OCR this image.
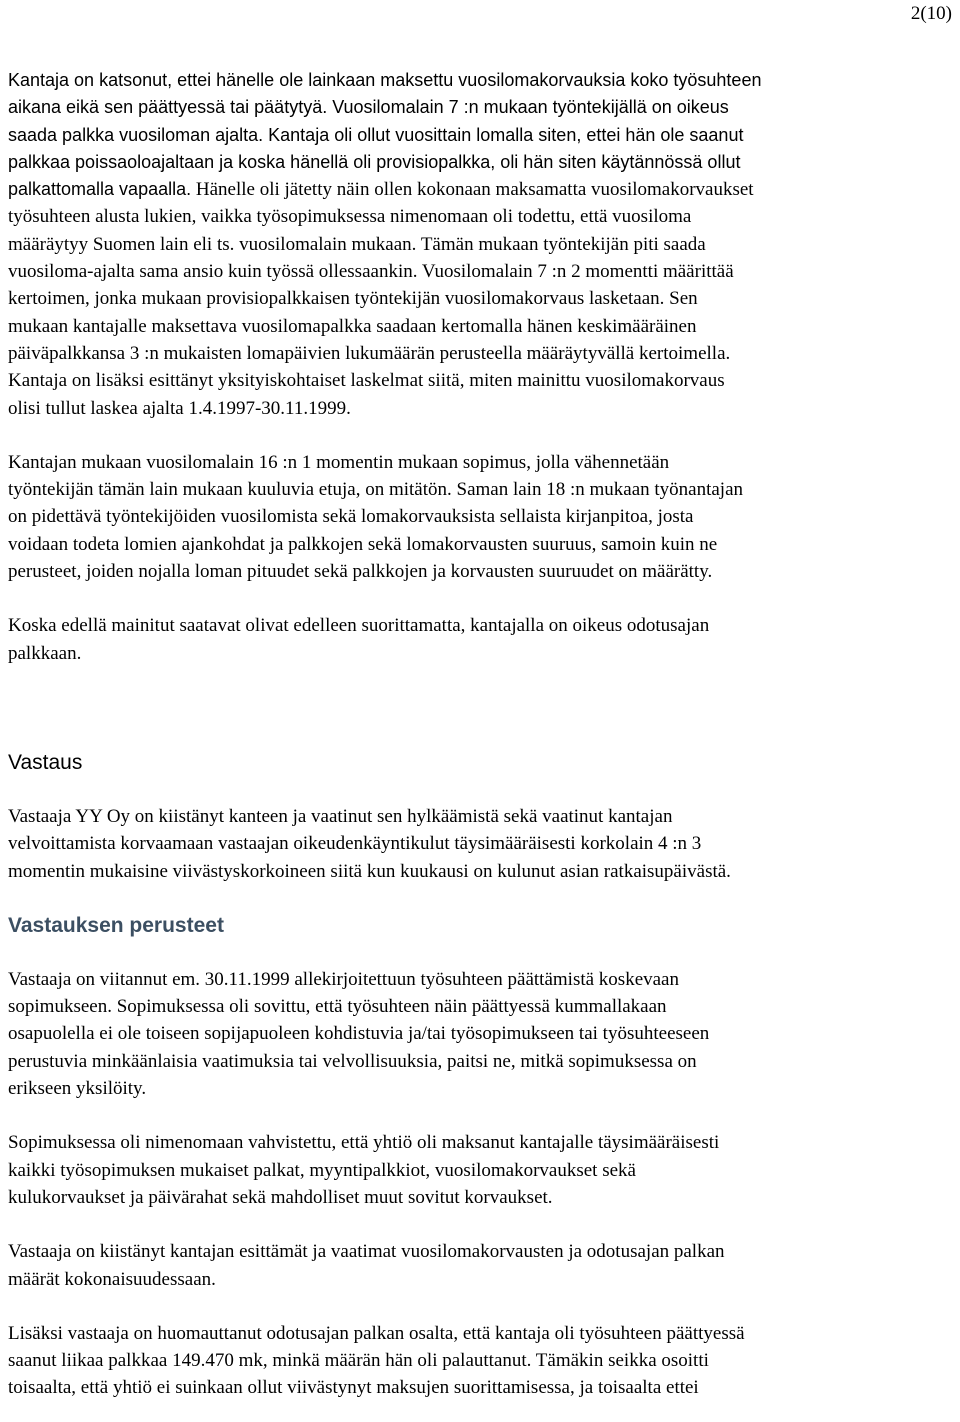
2(10)

Kantaja on katsonut, ettei hänelle ole lainkaan maksettu vuosilomakorvauksia koko työsuhteen
aikana eikä sen päättyessä tai päätytyä. Vuosilomalain 7 :n mukaan työntekijällä on oikeus
saada palkka vuosiloman ajalta. Kantaja oli ollut vuosittain lomalla siten, ettei hän ole saanut
palkkaa poissaoloajaltaan ja koska hänellä oli provisiopalkka, oli hän siten käytännössä ollut
palkattomalla vapaalla. Hänelle oli jätetty näin ollen kokonaan maksamatta vuosilomakorvaukset
työsuhteen alusta lukien, vaikka työsopimuksessa nimenomaan oli todettu, että vuosiloma
määräytyy Suomen lain eli ts. vuosilomalain mukaan. Tämän mukaan työntekijän piti saada
vuosiloma-ajalta sama ansio kuin työssä ollessaankin. Vuosilomalain 7 :n 2 momentti määrittää
kertoimen, jonka mukaan provisiopalkkaisen työntekijän vuosilomakorvaus lasketaan. Sen
mukaan kantajalle maksettava vuosilomapalkka saadaan kertomalla hänen keskimääräinen
päiväpalkkansa 3 :n mukaisten lomapäivien lukumäärän perusteella määräytyvällä kertoimella.
Kantaja on lisäksi esittänyt yksityiskohtaiset laskelmat siitä, miten mainittu vuosilomakorvaus
olisi tullut laskea ajalta 1.4.1997-30.11.1999.

Kantajan mukaan vuosilomalain 16 :n 1 momentin mukaan sopimus, jolla vähennetään
työntekijän tämän lain mukaan kuuluvia etuja, on mitätön. Saman lain 18 :n mukaan työnantajan
on pidettävä työntekijöiden vuosilomista sekä lomakorvauksista sellaista kirjanpitoa, josta
voidaan todeta lomien ajankohdat ja palkkojen sekä lomakorvausten suuruus, samoin kuin ne
perusteet, joiden nojalla loman pituudet sekä palkkojen ja korvausten suuruudet on määrätty.

Koska edellä mainitut saatavat olivat edelleen suorittamatta, kantajalla on oikeus odotusajan
palkkaan.

Vastaus

Vastaaja YY Oy on kiistänyt kanteen ja vaatinut sen hylkäämistä sekä vaatinut kantajan
velvoittamista korvaamaan vastaajan oikeudenkäyntikulut täysimääräisesti korkolain 4 :n 3
momentin mukaisine viivästyskorkoineen siitä kun kuukausi on kulunut asian ratkaisupäivästä.

Vastauksen perusteet

Vastaaja on viitannut em. 30.11.1999 allekirjoitettuun työsuhteen päättämistä koskevaan
sopimukseen. Sopimuksessa oli sovittu, että työsuhteen näin päättyessä kummallakaan
osapuolella ei ole toiseen sopijapuoleen kohdistuvia ja/tai työsopimukseen tai työsuhteeseen
perustuvia minkäänlaisia vaatimuksia tai velvollisuuksia, paitsi ne, mitkä sopimuksessa on
erikseen yksilöity.

Sopimuksessa oli nimenomaan vahvistettu, että yhtiö oli maksanut kantajalle täysimääräisesti
kaikki työsopimuksen mukaiset palkat, myyntipalkkiot, vuosilomakorvaukset sekä
kulukorvaukset ja päivärahat sekä mahdolliset muut sovitut korvaukset.

Vastaaja on kiistänyt kantajan esittämät ja vaatimat vuosilomakorvausten ja odotusajan palkan
määrät kokonaisuudessaan.

Lisäksi vastaaja on huomauttanut odotusajan palkan osalta, että kantaja oli työsuhteen päättyessä
saanut liikaa palkkaa 149.470 mk, minkä määrän hän oli palauttanut. Tämäkin seikka osoitti
toisaalta, että yhtiö ei suinkaan ollut viivästynyt maksujen suorittamisessa, ja toisaalta ettei
